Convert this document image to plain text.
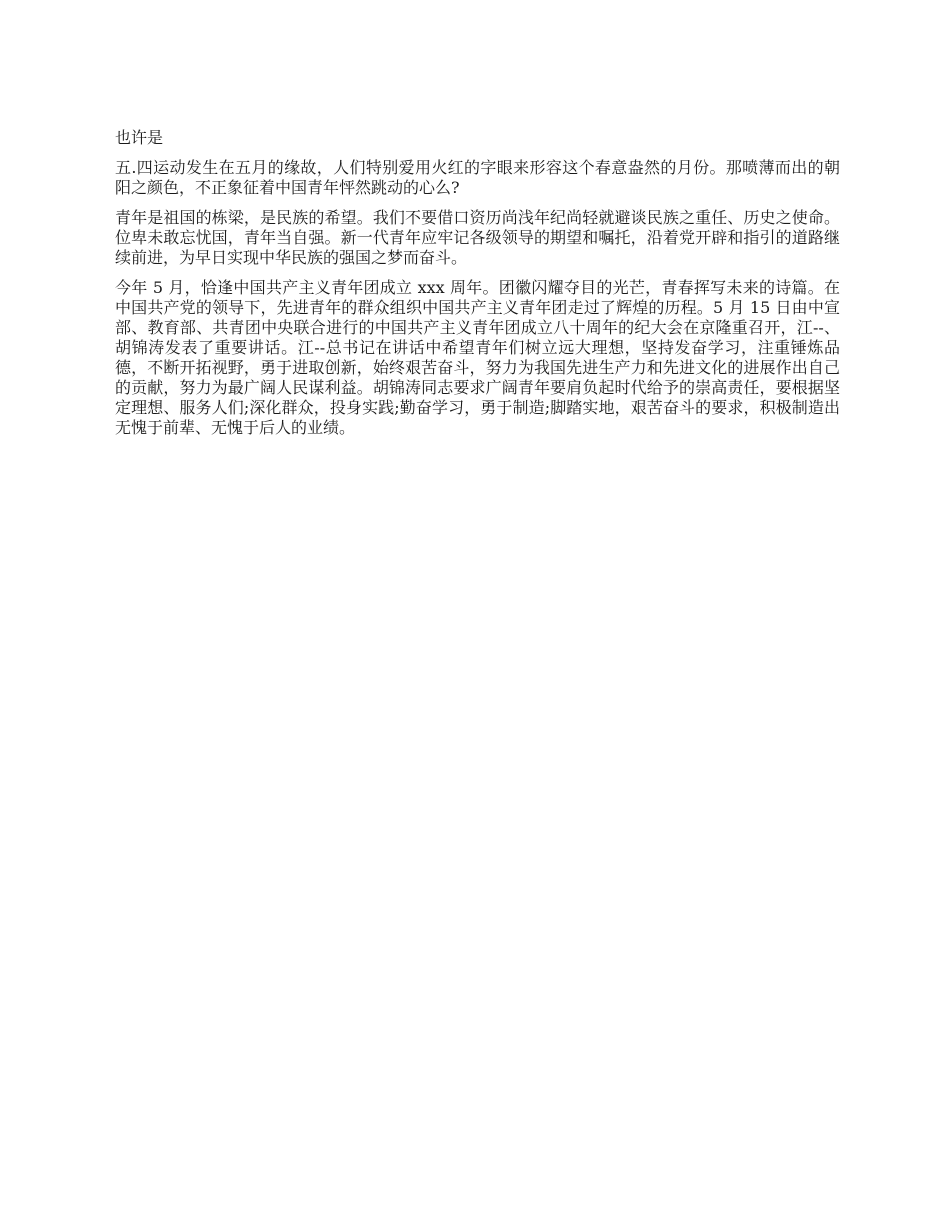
也许是

五.四运动发生在五月的缘故，人们特别爱用火红的字眼来形容这个春意盎然的月份。那喷薄而出的朝阳之颜色，不正象征着中国青年怦然跳动的心么?

青年是祖国的栋梁，是民族的希望。我们不要借口资历尚浅年纪尚轻就避谈民族之重任、历史之使命。位卑未敢忘忧国，青年当自强。新一代青年应牢记各级领导的期望和嘱托，沿着党开辟和指引的道路继续前进，为早日实现中华民族的强国之梦而奋斗。

今年 5 月，恰逢中国共产主义青年团成立 xxx 周年。团徽闪耀夺目的光芒，青春挥写未来的诗篇。在中国共产党的领导下，先进青年的群众组织中国共产主义青年团走过了辉煌的历程。5 月 15 日由中宣部、教育部、共青团中央联合进行的中国共产主义青年团成立八十周年的纪大会在京隆重召开，江--、胡锦涛发表了重要讲话。江--总书记在讲话中希望青年们树立远大理想，坚持发奋学习，注重锤炼品德，不断开拓视野，勇于进取创新，始终艰苦奋斗，努力为我国先进生产力和先进文化的进展作出自己的贡献，努力为最广阔人民谋利益。胡锦涛同志要求广阔青年要肩负起时代给予的崇高责任，要根据坚定理想、服务人们;深化群众，投身实践;勤奋学习，勇于制造;脚踏实地，艰苦奋斗的要求，积极制造出无愧于前辈、无愧于后人的业绩。
